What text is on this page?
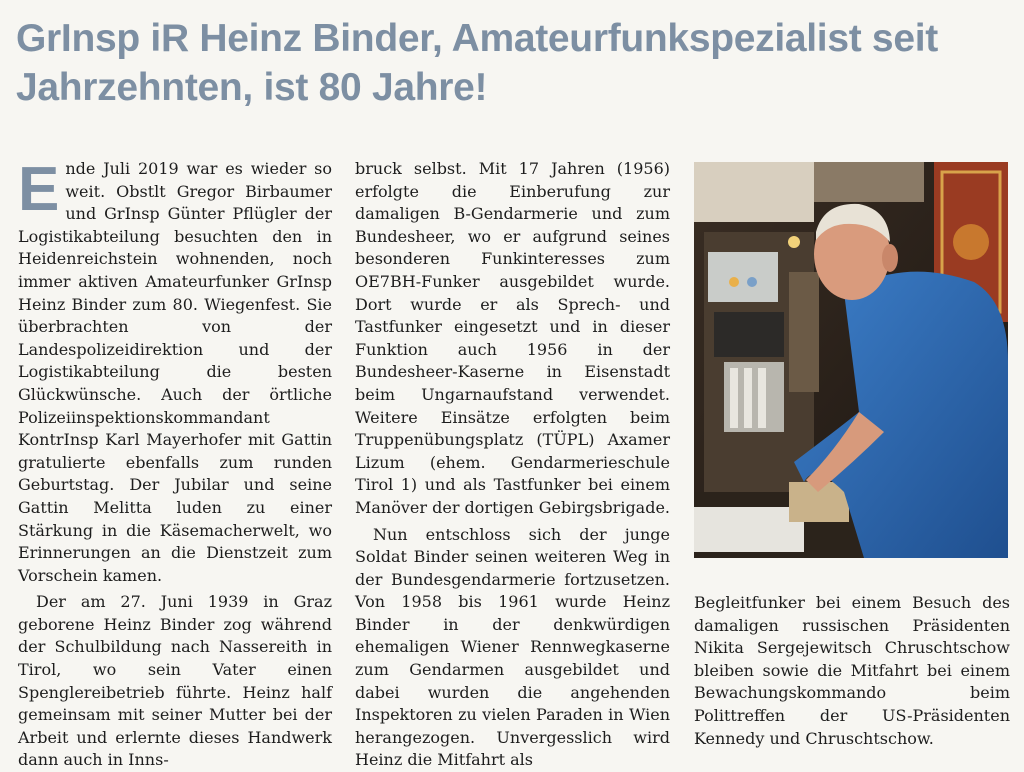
GrInsp iR Heinz Binder, Amateurfunkspezialist seit Jahrzehnten, ist 80 Jahre!

Ende Juli 2019 war es wieder so weit. Obstlt Gregor Birbaumer und GrInsp Günter Pflügler der Logistikabteilung besuchten den in Heidenreichstein wohnenden, noch immer aktiven Amateurfunker GrInsp Heinz Binder zum 80. Wiegenfest. Sie überbrachten von der Landespolizeidirektion und der Logistikabteilung die besten Glückwünsche. Auch der örtliche Polizeiinspektionskommandant KontrInsp Karl Mayerhofer mit Gattin gratulierte ebenfalls zum runden Geburtstag. Der Jubilar und seine Gattin Melitta luden zu einer Stärkung in die Käsemacherwelt, wo Erinnerungen an die Dienstzeit zum Vorschein kamen.

Der am 27. Juni 1939 in Graz geborene Heinz Binder zog während der Schulbildung nach Nassereith in Tirol, wo sein Vater einen Spenglereibetrieb führte. Heinz half gemeinsam mit seiner Mutter bei der Arbeit und erlernte dieses Handwerk dann auch in Inns-

bruck selbst. Mit 17 Jahren (1956) erfolgte die Einberufung zur damaligen B-Gendarmerie und zum Bundesheer, wo er aufgrund seines besonderen Funkinteresses zum OE7BH-Funker ausgebildet wurde. Dort wurde er als Sprech- und Tastfunker eingesetzt und in dieser Funktion auch 1956 in der Bundesheer-Kaserne in Eisenstadt beim Ungarnaufstand verwendet. Weitere Einsätze erfolgten beim Truppenübungsplatz (TÜPL) Axamer Lizum (ehem. Gendarmerieschule Tirol 1) und als Tastfunker bei einem Manöver der dortigen Gebirgsbrigade.

Nun entschloss sich der junge Soldat Binder seinen weiteren Weg in der Bundesgendarmerie fortzusetzen. Von 1958 bis 1961 wurde Heinz Binder in der denkwürdigen ehemaligen Wiener Rennwegkaserne zum Gendarmen ausgebildet und dabei wurden die angehenden Inspektoren zu vielen Paraden in Wien herangezogen. Unvergesslich wird Heinz die Mitfahrt als

Begleitfunker bei einem Besuch des damaligen russischen Präsidenten Nikita Sergejewitsch Chruschtschow bleiben sowie die Mitfahrt bei einem Bewachungskommando beim Polittreffen der US-Präsidenten Kennedy und Chruschtschow.
